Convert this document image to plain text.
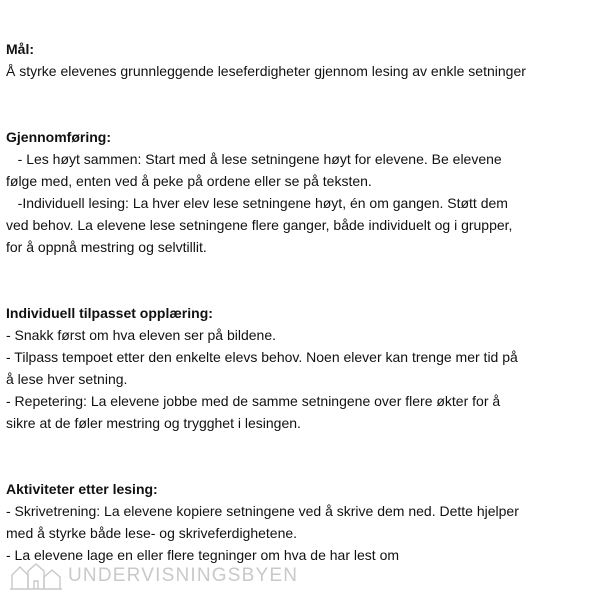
Mål:

Å styrke elevenes grunnleggende leseferdigheter gjennom lesing av enkle setninger

Gjennomføring:

- Les høyt sammen: Start med å lese setningene høyt for elevene. Be elevene

følge med, enten ved å peke på ordene eller se på teksten.

-Individuell lesing: La hver elev lese setningene høyt, én om gangen. Støtt dem

ved behov. La elevene lese setningene flere ganger, både individuelt og i grupper,

for å oppnå mestring og selvtillit.

Individuell tilpasset opplæring:

- Snakk først om hva eleven ser på bildene.

- Tilpass tempoet etter den enkelte elevs behov. Noen elever kan trenge mer tid på

å lese hver setning.

- Repetering: La elevene jobbe med de samme setningene over flere økter for å

sikre at de føler mestring og trygghet i lesingen.

Aktiviteter etter lesing:

- Skrivetrening: La elevene kopiere setningene ved å skrive dem ned. Dette hjelper

med å styrke både lese- og skriveferdighetene.

- La elevene lage en eller flere tegninger om hva de har lest om

UNDERVISNINGSBYEN
